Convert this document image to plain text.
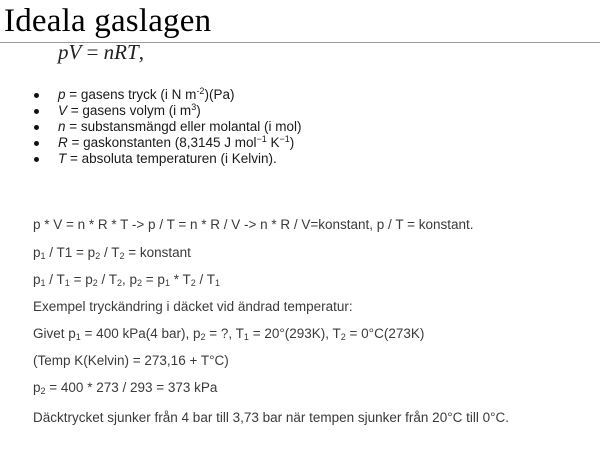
Ideala gaslagen
pV = nRT,
p = gasens tryck (i N $m^{-2})(Pa)$
V = gasens volym (i $m^3$)
n = substansmängd eller molantal (i mol)
R = gaskonstanten (8,3145 J mol$^{-1}$ $K^{-1}$)
T = absoluta temperaturen (i Kelvin).
p * V = n * R * T -> p / T = n * R / V -> n * R / V=konstant, p / T = konstant.
$p_1 / T1 = p_2 / T_2$ = konstant
$p_1 / T_1 = p_2 / T_2$, $p_2 = p_1 * T_2 / T_1$
Exempel tryckändring i däcket vid ändrad temperatur:
Givet $p_1 = 400$ kPa(4 bar), $p_2$ = ?, $T_1 = 20^\circ(293K)$, $T_2 = 0^\circ C(273K)$
(Temp K(Kelvin) = 273,16 + T°C)
$p_2 = 400 * 273 / 293 = 373$ kPa
Däcktrycket sjunker från 4 bar till 3,73 bar när tempen sjunker från 20°C till 0°C.
